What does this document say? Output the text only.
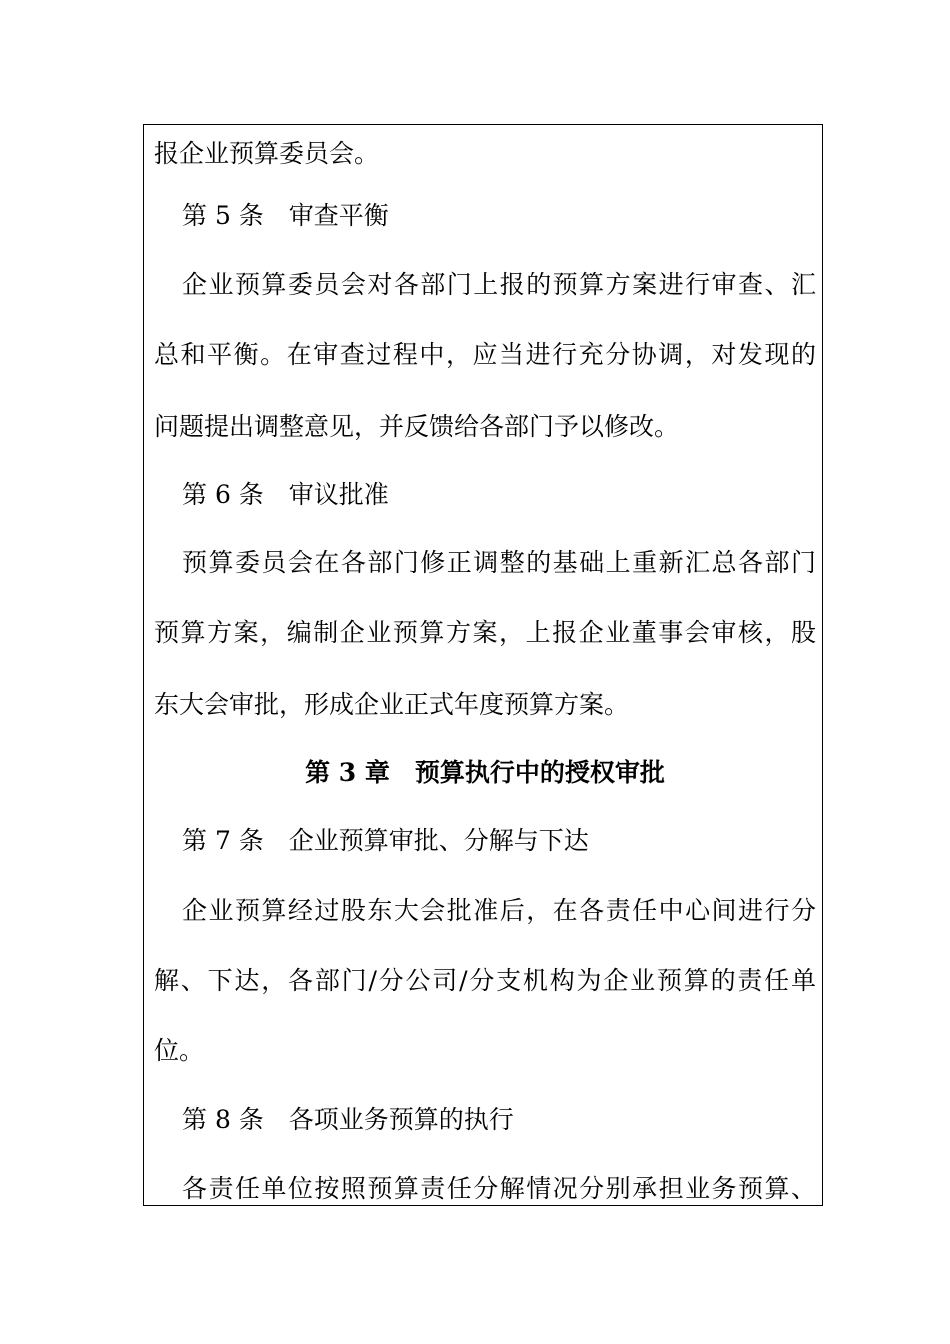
报企业预算委员会。
第 5 条　审查平衡
企业预算委员会对各部门上报的预算方案进行审查、汇
总和平衡。在审查过程中，应当进行充分协调，对发现的
问题提出调整意见，并反馈给各部门予以修改。
第 6 条　审议批准
预算委员会在各部门修正调整的基础上重新汇总各部门
预算方案，编制企业预算方案，上报企业董事会审核，股
东大会审批，形成企业正式年度预算方案。
第 3 章　预算执行中的授权审批
第 7 条　企业预算审批、分解与下达
企业预算经过股东大会批准后，在各责任中心间进行分
解、下达，各部门/分公司/分支机构为企业预算的责任单
位。
第 8 条　各项业务预算的执行
各责任单位按照预算责任分解情况分别承担业务预算、
